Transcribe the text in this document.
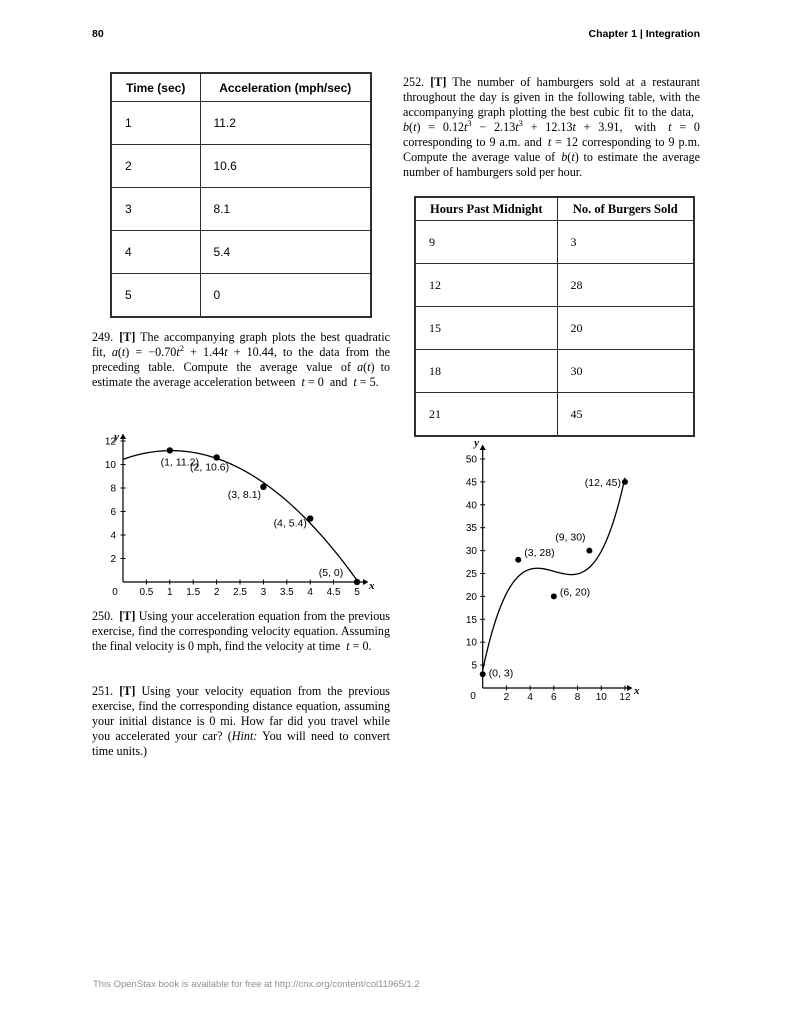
80	Chapter 1 | Integration
Time (sec)	Acceleration (mph/sec)
1	11.2
2	10.6
3	8.1
4	5.4
5	0
249. [T] The accompanying graph plots the best quadratic fit, $a(t) = -0.70t^2 + 1.44t + 10.44$, to the data from the preceding table. Compute the average value of a(t) to estimate the average acceleration between t = 0 and t = 5.
0.5 1 1.5 2 2.5 3 3.5 4 4.5 5
2
4
6
8
10
12
0
x
y
(1, 11.2)
(2, 10.6)
(3, 8.1)
(4, 5.4)
(5, 0)
250. [T] Using your acceleration equation from the previous exercise, find the corresponding velocity equation. Assuming the final velocity is 0 mph, find the velocity at time t = 0.
251. [T] Using your velocity equation from the previous exercise, find the corresponding distance equation, assuming your initial distance is 0 mi. How far did you travel while you accelerated your car? (Hint: You will need to convert time units.)
252. [T] The number of hamburgers sold at a restaurant throughout the day is given in the following table, with the accompanying graph plotting the best cubic fit to the data, $b(t) = 0.12t^3 - 2.13t^3 + 12.13t + 3.91$, with t = 0 corresponding to 9 a.m. and t = 12 corresponding to 9 p.m. Compute the average value of b(t) to estimate the average number of hamburgers sold per hour.
Hours Past Midnight	No. of Burgers Sold
9	3
12	28
15	20
18	30
21	45
2 4 6 8 10 12
5
10
15
20
25
30
35
40
45
50
0	x
y
(0, 3)
(3, 28)
(6, 20)
(9, 30)
(12, 45)
This OpenStax book is available for free at http://cnx.org/content/col11965/1.2
